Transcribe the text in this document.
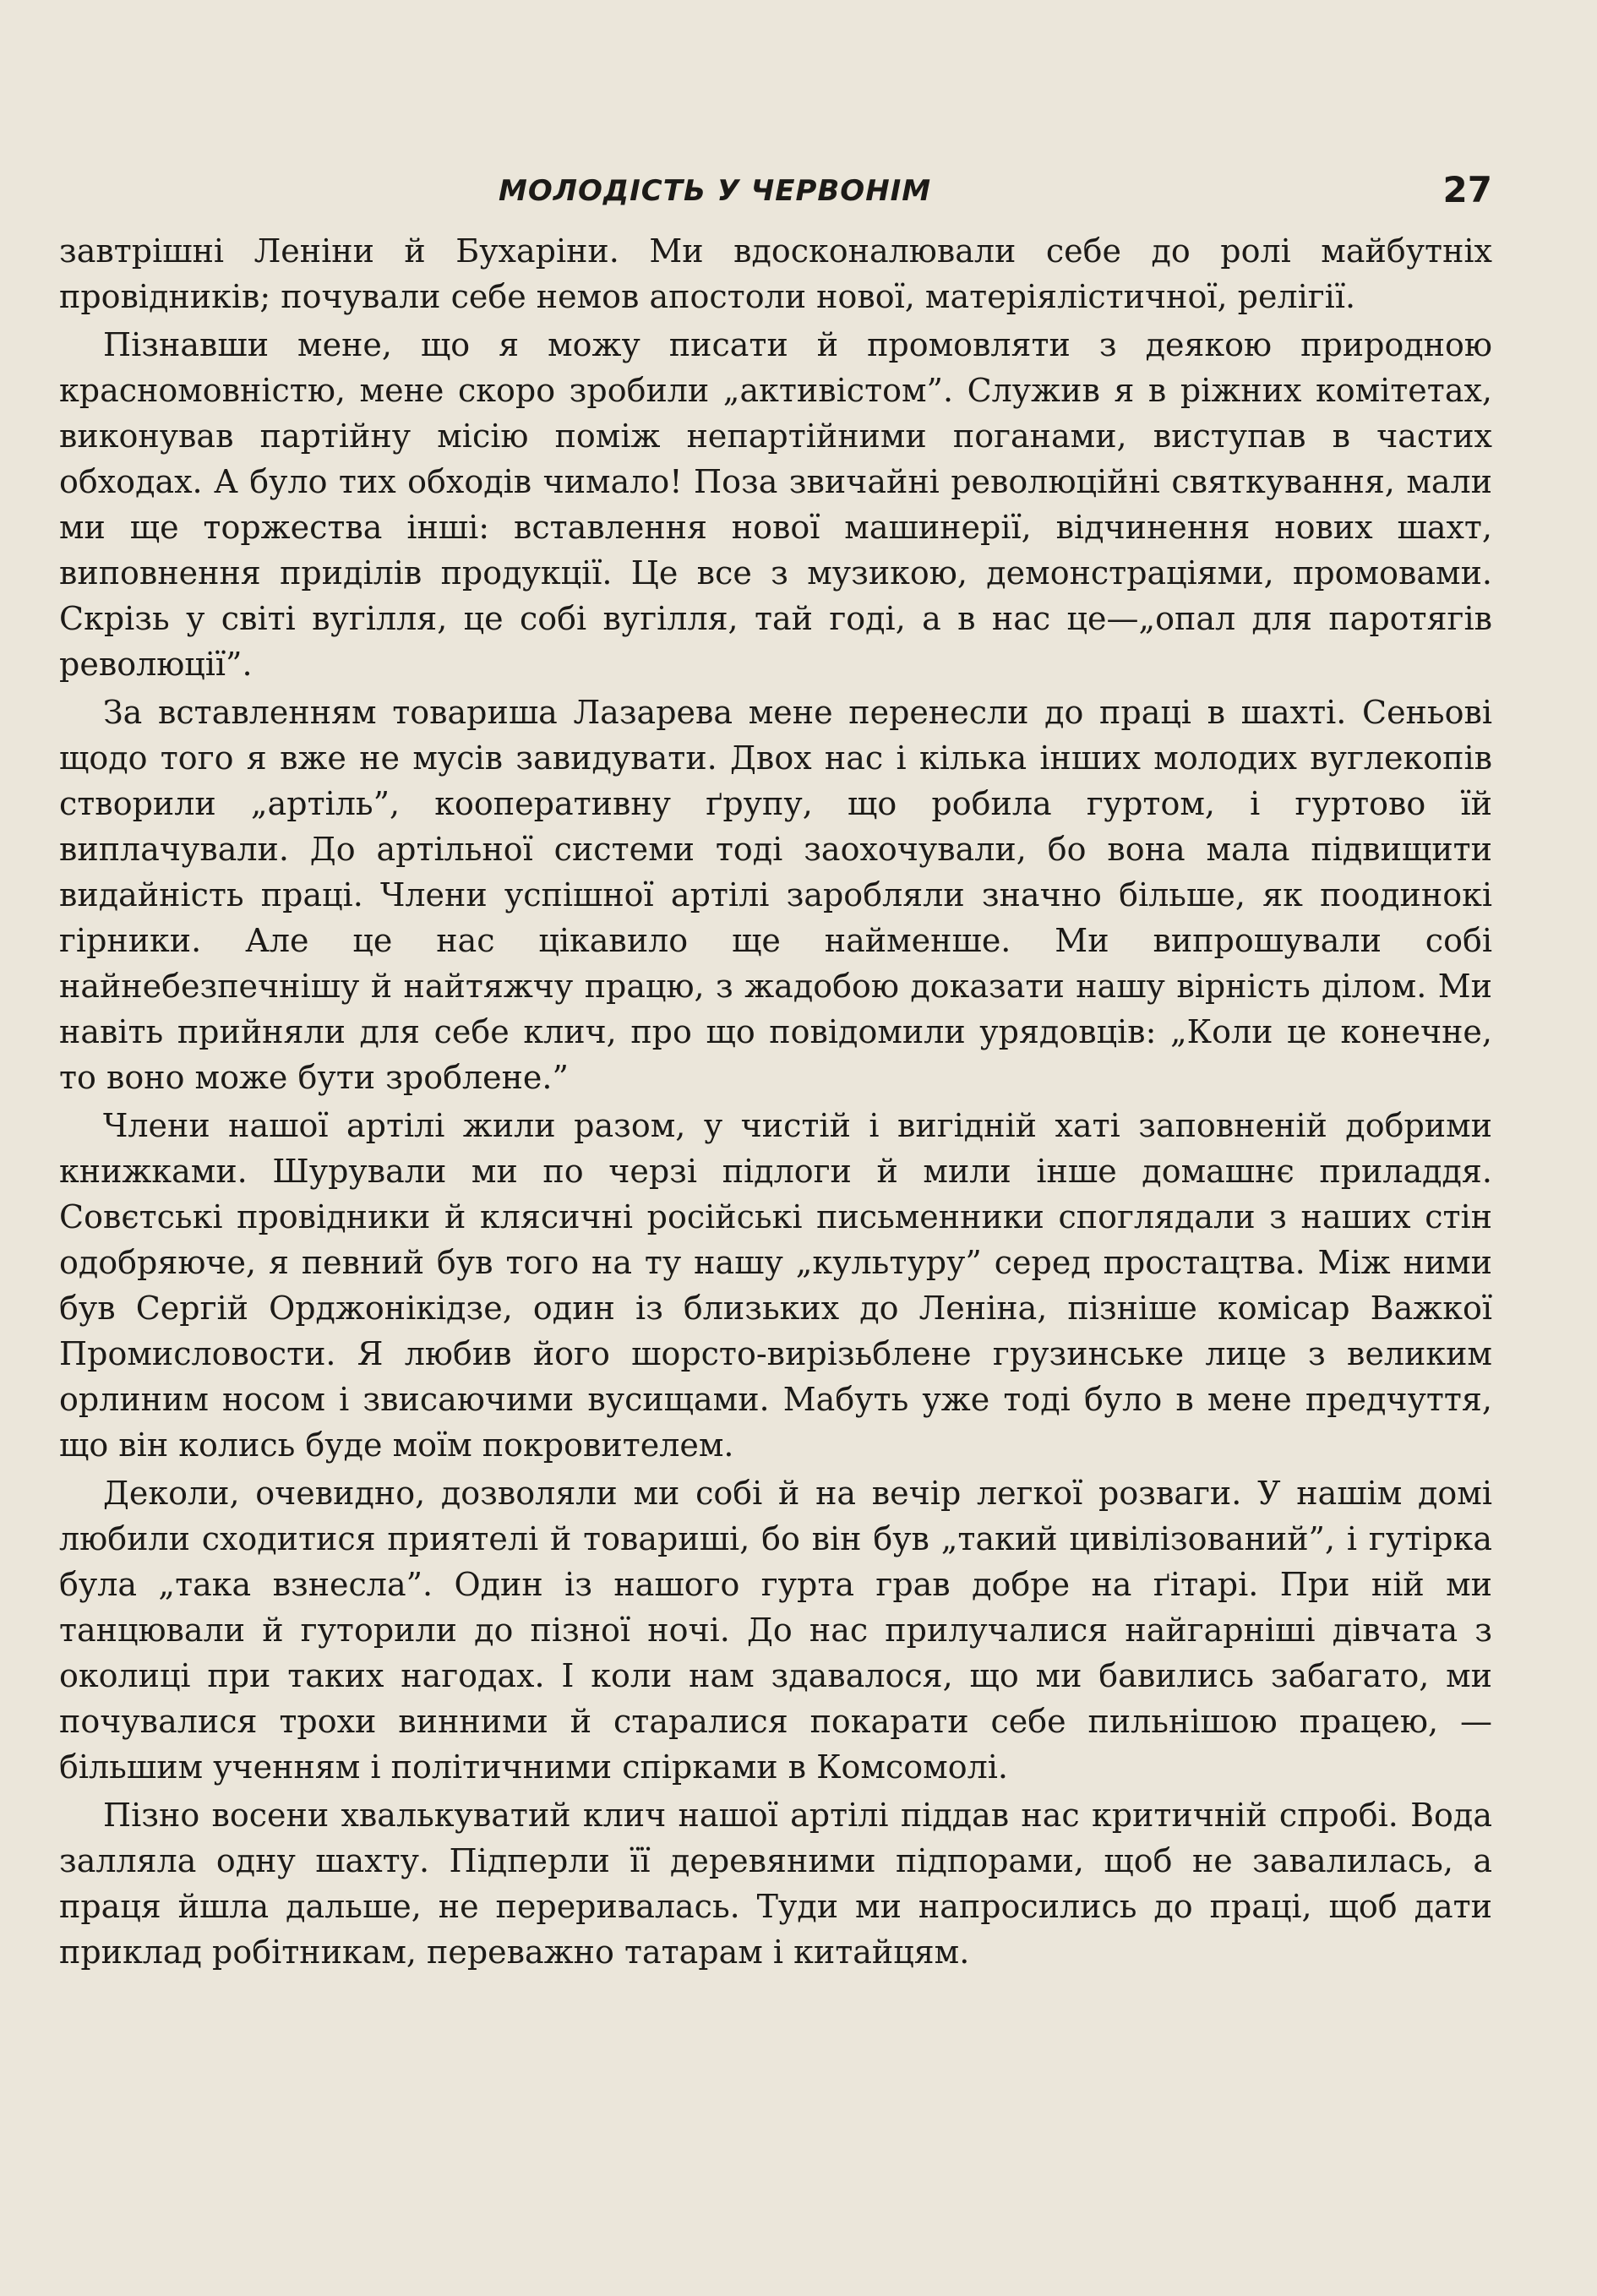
МОЛОДІСТЬ У ЧЕРВОНІМ	27

завтрішні Леніни й Бухаріни. Ми вдосконалювали себе до ролі майбутніх провідників; почували себе немов апостоли нової, матеріялістичної, релігії.

Пізнавши мене, що я можу писати й промовляти з деякою природною красномовністю, мене скоро зробили „активістом”. Служив я в ріжних комітетах, виконував партійну місію поміж непартійними поганами, виступав в частих обходах. А було тих обходів чимало! Поза звичайні революційні святкування, мали ми ще торжества інші: вставлення нової машинерії, відчинення нових шахт, виповнення приділів продукції. Це все з музикою, демонстраціями, промовами. Скрізь у світі вугілля, це собі вугілля, тай годі, а в нас це—„опал для паротягів революції”.

За вставленням товариша Лазарева мене перенесли до праці в шахті. Сеньові щодо того я вже не мусів завидувати. Двох нас і кілька інших молодих вуглекопів створили „артіль”, кооперативну ґрупу, що робила гуртом, і гуртово їй виплачували. До артільної системи тоді заохочували, бо вона мала підвищити видайність праці. Члени успішної артілі заробляли значно більше, як поодинокі гірники. Але це нас цікавило ще найменше. Ми випрошували собі найнебезпечнішу й найтяжчу працю, з жадобою доказати нашу вірність ділом. Ми навіть прийняли для себе клич, про що повідомили урядовців: „Коли це конечне, то воно може бути зроблене.”

Члени нашої артілі жили разом, у чистій і вигідній хаті заповненій добрими книжками. Шурували ми по черзі підлоги й мили інше домашнє приладдя. Совєтські провідники й клясичні російські письменники споглядали з наших стін одобряюче, я певний був того на ту нашу „культуру” серед простацтва. Між ними був Сергій Орджонікідзе, один із близьких до Леніна, пізніше комісар Важкої Промисловости. Я любив його шорсто-вирізьблене грузинське лице з великим орлиним носом і звисаючими вусищами. Мабуть уже тоді було в мене предчуття, що він колись буде моїм покровителем.

Деколи, очевидно, дозволяли ми собі й на вечір легкої розваги. У нашім домі любили сходитися приятелі й товариші, бо він був „такий цивілізований”, і гутірка була „така взнесла”. Один із нашого гурта грав добре на ґітарі. При ній ми танцювали й гуторили до пізної ночі. До нас прилучалися найгарніші дівчата з околиці при таких нагодах. І коли нам здавалося, що ми бавились забагато, ми почувалися трохи винними й старалися покарати себе пильнішою працею, — більшим ученням і політичними спірками в Комсомолі.

Пізно восени хвалькуватий клич нашої артілі піддав нас критичній спробі. Вода залляла одну шахту. Підперли її деревяними підпорами, щоб не завалилась, а праця йшла дальше, не переривалась. Туди ми напросились до праці, щоб дати приклад робітникам, переважно татарам і китайцям.
